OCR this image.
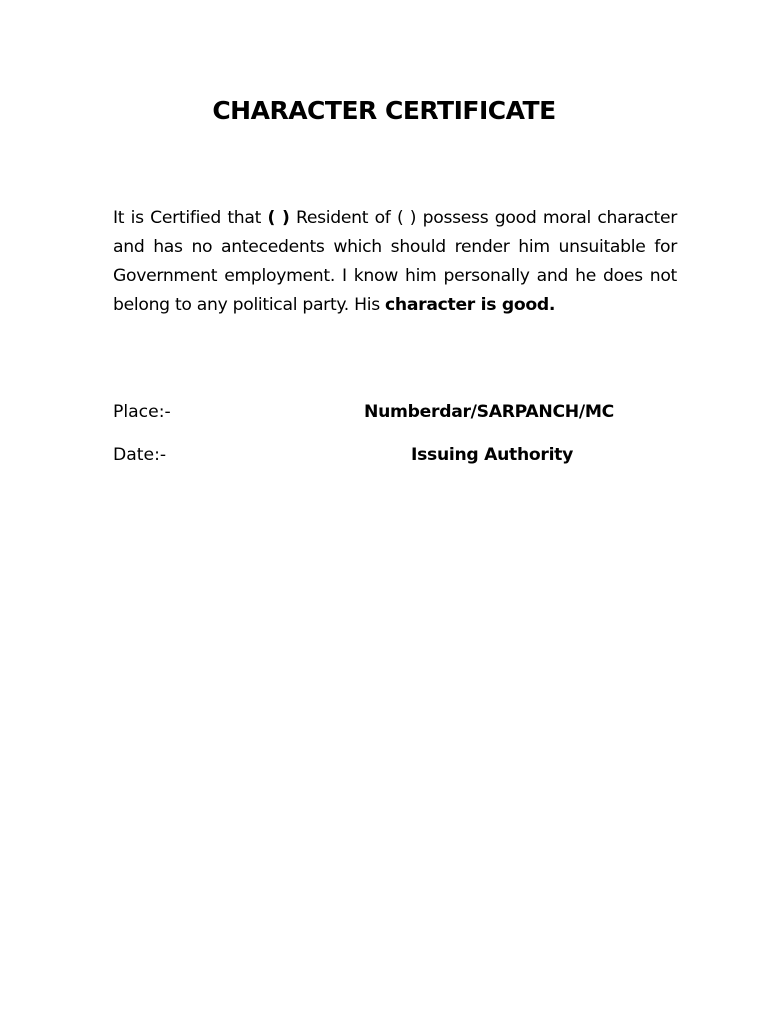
CHARACTER CERTIFICATE

It is Certified that ( ) Resident of ( ) possess good moral character and has no antecedents which should render him unsuitable for Government employment. I know him personally and he does not belong to any political party. His character is good.

Place:-

Date:-

Numberdar/SARPANCH/MC

Issuing Authority
